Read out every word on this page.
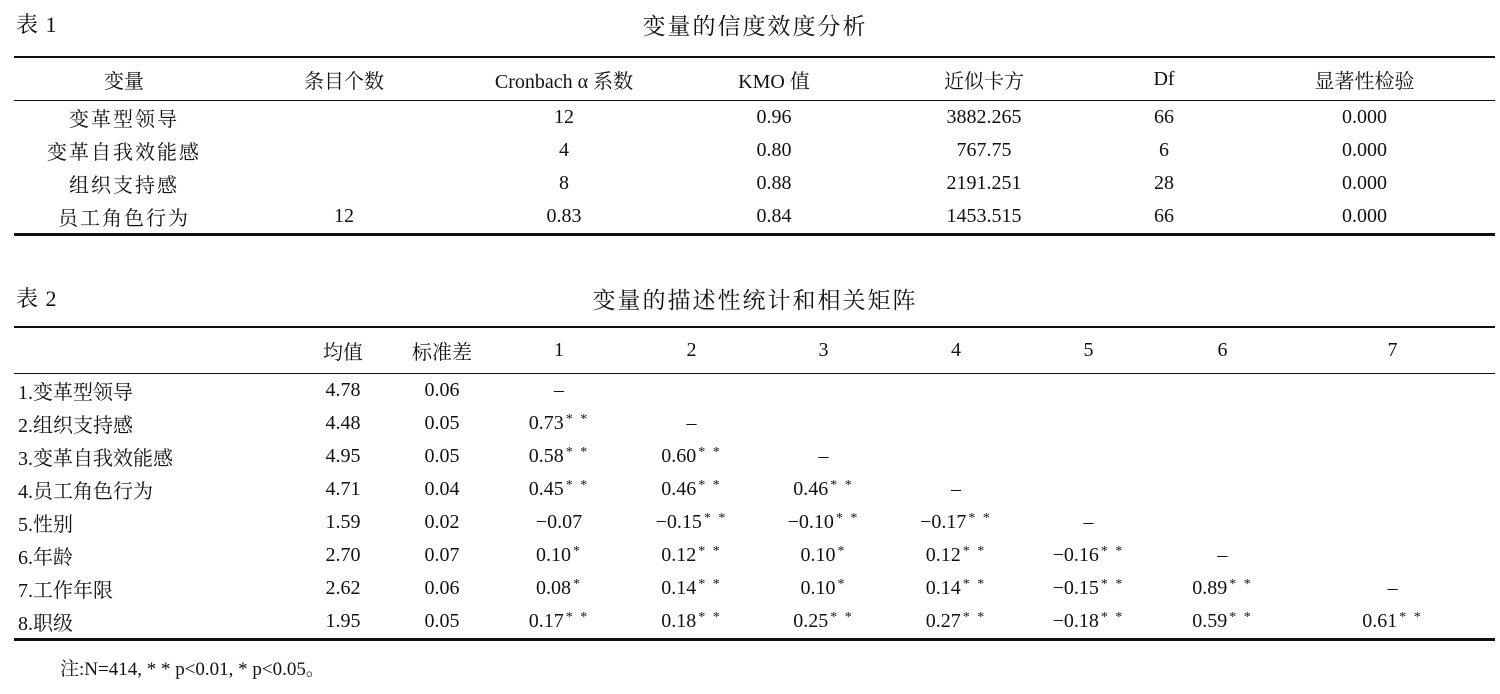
表 1	变量的信度效度分析
变量	条目个数	Cronbach α 系数	KMO 值	近似卡方	Df	显著性检验
变革型领导		12	0.96	3882.265	66	0.000
变革自我效能感		4	0.80	767.75	6	0.000
组织支持感		8	0.88	2191.251	28	0.000
员工角色行为	12	0.83	0.84	1453.515	66	0.000
表 2	变量的描述性统计和相关矩阵
	均值	标准差	1	2	3	4	5	6	7
1.变革型领导	4.78	0.06	–						
2.组织支持感	4.48	0.05	0.73 * *	–					
3.变革自我效能感	4.95	0.05	0.58 * *	0.60 * *	–				
4.员工角色行为	4.71	0.04	0.45 * *	0.46 * *	0.46 * *	–			
5.性别	1.59	0.02	−0.07	−0.15 * *	−0.10 * *	−0.17 * *	–		
6.年龄	2.70	0.07	0.10 *	0.12 * *	0.10 *	0.12 * *	−0.16 * *	–	
7.工作年限	2.62	0.06	0.08 *	0.14 * *	0.10 *	0.14 * *	−0.15 * *	0.89 * *	–
8.职级	1.95	0.05	0.17 * *	0.18 * *	0.25 * *	0.27 * *	−0.18 * *	0.59 * *	0.61 * *
注:N=414, * * p<0.01, * p<0.05。
